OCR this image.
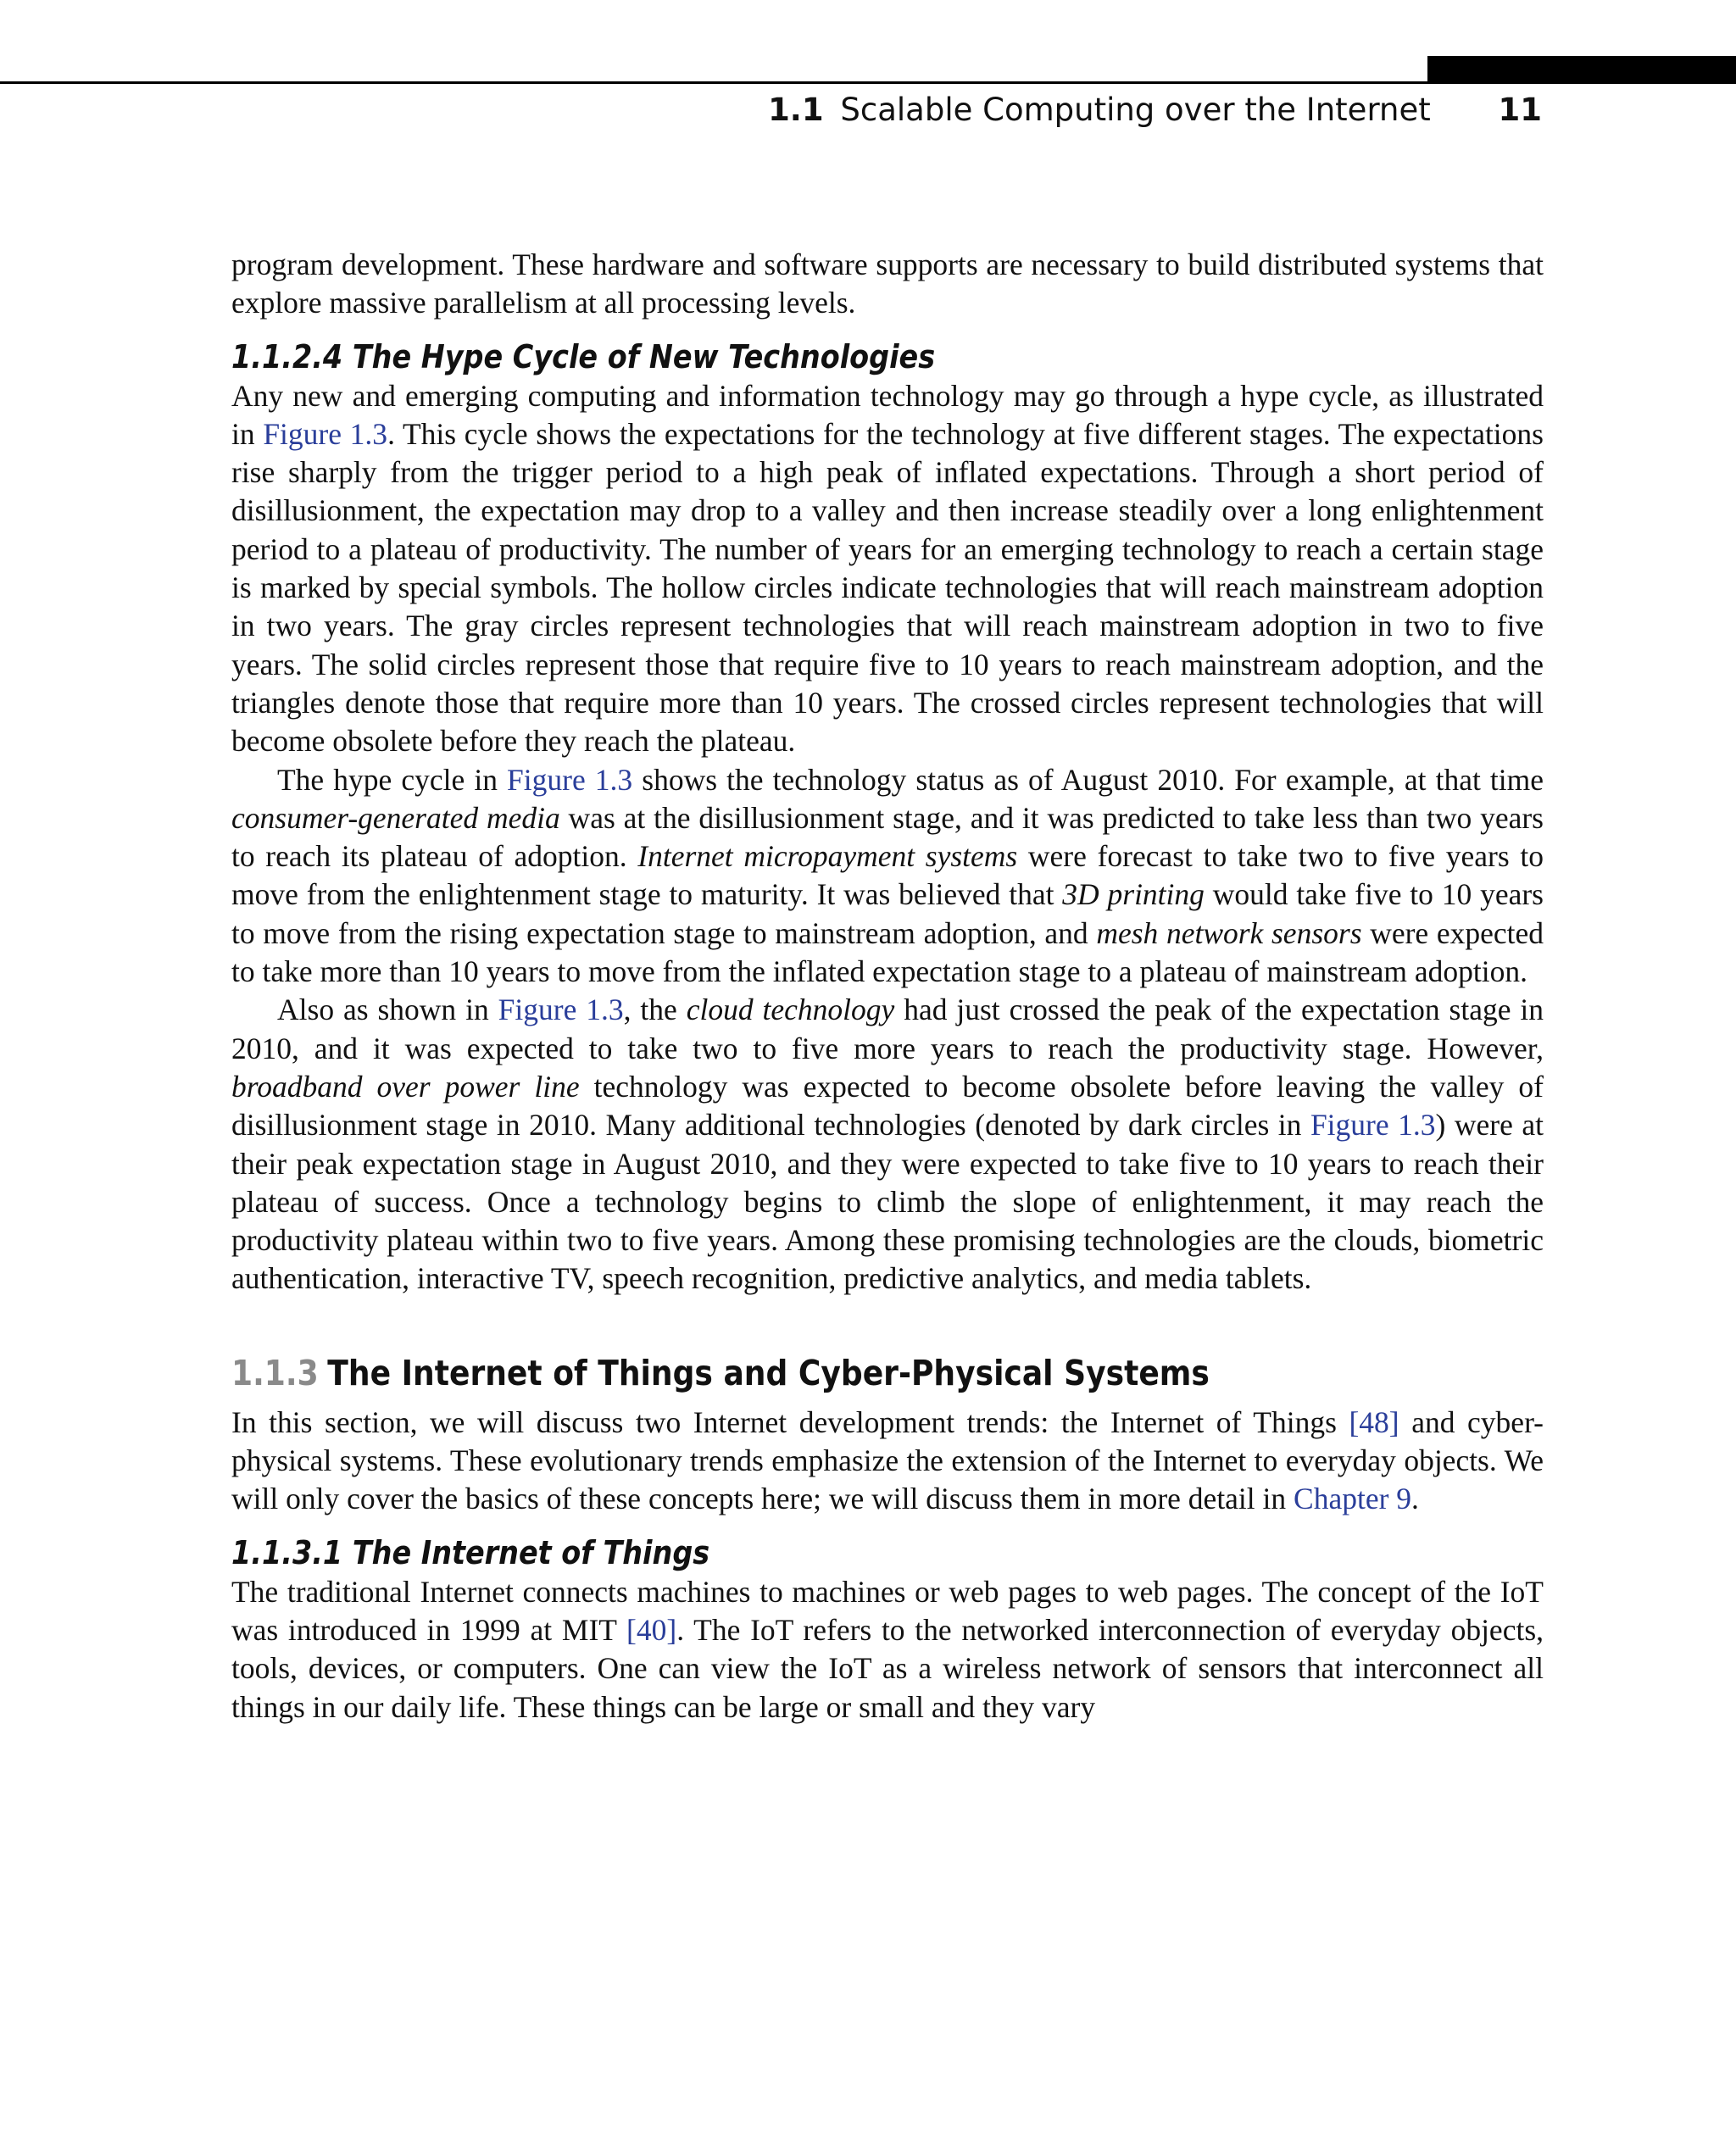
1.1 Scalable Computing over the Internet 11

program development. These hardware and software supports are necessary to build distributed systems that explore massive parallelism at all processing levels.

1.1.2.4 The Hype Cycle of New Technologies

Any new and emerging computing and information technology may go through a hype cycle, as illustrated in Figure 1.3. This cycle shows the expectations for the technology at five different stages. The expectations rise sharply from the trigger period to a high peak of inflated expectations. Through a short period of disillusionment, the expectation may drop to a valley and then increase steadily over a long enlightenment period to a plateau of productivity. The number of years for an emerging technology to reach a certain stage is marked by special symbols. The hollow circles indicate technologies that will reach mainstream adoption in two years. The gray circles represent technologies that will reach mainstream adoption in two to five years. The solid circles represent those that require five to 10 years to reach mainstream adoption, and the triangles denote those that require more than 10 years. The crossed circles represent technologies that will become obsolete before they reach the plateau.

The hype cycle in Figure 1.3 shows the technology status as of August 2010. For example, at that time consumer-generated media was at the disillusionment stage, and it was predicted to take less than two years to reach its plateau of adoption. Internet micropayment systems were forecast to take two to five years to move from the enlightenment stage to maturity. It was believed that 3D printing would take five to 10 years to move from the rising expectation stage to mainstream adoption, and mesh network sensors were expected to take more than 10 years to move from the inflated expectation stage to a plateau of mainstream adoption.

Also as shown in Figure 1.3, the cloud technology had just crossed the peak of the expectation stage in 2010, and it was expected to take two to five more years to reach the productivity stage. However, broadband over power line technology was expected to become obsolete before leaving the valley of disillusionment stage in 2010. Many additional technologies (denoted by dark circles in Figure 1.3) were at their peak expectation stage in August 2010, and they were expected to take five to 10 years to reach their plateau of success. Once a technology begins to climb the slope of enlightenment, it may reach the productivity plateau within two to five years. Among these promising technologies are the clouds, biometric authentication, interactive TV, speech recognition, predictive analytics, and media tablets.

1.1.3 The Internet of Things and Cyber-Physical Systems

In this section, we will discuss two Internet development trends: the Internet of Things [48] and cyber-physical systems. These evolutionary trends emphasize the extension of the Internet to everyday objects. We will only cover the basics of these concepts here; we will discuss them in more detail in Chapter 9.

1.1.3.1 The Internet of Things

The traditional Internet connects machines to machines or web pages to web pages. The concept of the IoT was introduced in 1999 at MIT [40]. The IoT refers to the networked interconnection of everyday objects, tools, devices, or computers. One can view the IoT as a wireless network of sensors that interconnect all things in our daily life. These things can be large or small and they vary
